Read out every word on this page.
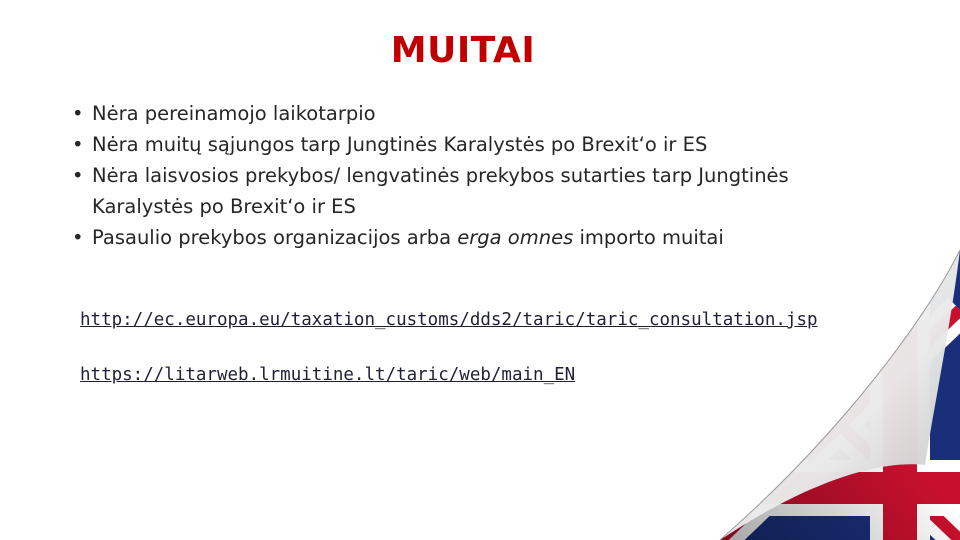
MUITAI
• Nėra pereinamojo laikotarpio
• Nėra muitų sąjungos tarp Jungtinės Karalystės po Brexit‘o ir ES
• Nėra laisvosios prekybos/ lengvatinės prekybos sutarties tarp Jungtinės Karalystės po Brexit‘o ir ES
• Pasaulio prekybos organizacijos arba erga omnes importo muitai
http://ec.europa.eu/taxation_customs/dds2/taric/taric_consultation.jsp
https://litarweb.lrmuitine.lt/taric/web/main_EN
